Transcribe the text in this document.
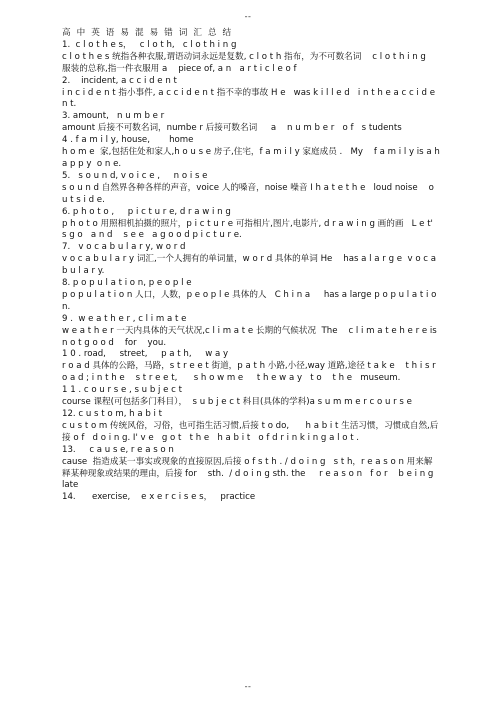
--

高中英语易混易错词汇总结

1.  c l o t h e s，   c l o t h,   c l o t h i n g

c l o t h e s 统指各种衣服,谓语动词永远是复数, c l o t h 指布，为不可数名词    c l o t h i n g    服装的总称,指一件衣服用 a    piece of, a n   a r t i c l e o f

2.    incident, a c c i d e n t

i n c i d e n t 指小事件, a c c i d e n t 指不幸的事故 H e   was k i l l e d   i n t h e a c c i d e n t.

3. amount,   n u m b e r

amount 后接不可数名词，numbe r 后接可数名词     a    n u m b e r   o f   s tudents

4 . f a m i l y, house,       home

h o m e  家,包括住处和家人,h o u s e 房子,住宅，f a m i l y 家庭成员 .   My    f a m i l y is a h a p p y  o n e.

5.   s o u n d, v o i c e ,     n o i s e

s o u n d 自然界各种各样的声音，voice 人的嗓音，noise 噪音 I h a t e t h e   loud noise    o u t s i d e.

6. p h o t o ,     p i c t u r e, d r a w i n g

p h o t o 用照相机拍摄的照片，p i c t u r e 可指相片,图片,电影片, d r a w i n g 画的画   L e t' s g o   a n d    s e e   a g o o d p i c t u r e.

7.   v o c a b u l a r y, w o r d

v o c a b u l a r y 词汇,一个人拥有的单词量，w o r d 具体的单词 He    has a l a r g e  v o c a b u l a r y.

8. p o p u l a t i o n, p e o p l e

p o p u l a t i o n 人口，人数，p e o p l e 具体的人   C h i n a     has a large p o p u l a t i o n.

9 .  w e a t h e r , c l i m a t e

w e a t h e r 一天内具体的天气状况,c l i m a t e 长期的气候状况  The    c l i m a t e h e r e is   n o t g o o d    for    you.

1 0 . road,     street,     p a t h,     w a y

r o a d 具体的公路，马路，s t r e e t 街道，p a t h 小路,小径,way 道路,途径 t a k e    t h i s r o a d ; i n t h e    s t r e e t,      s h o w m e     t h e w a y   t o    t h e   museum.

1 1 . c o u r s e , s u b j e c t

course 课程(可包括多门科目），  s u b j e c t 科目(具体的学科)a s u m m e r c o u r s e

12. c u s t o m, h a b i t

c u s t o m 传统风俗，习俗，也可指生活习惯,后接 t o do,      h a b i t 生活习惯，习惯成自然,后接 o f   d o i n g. I' v e   g o t   t h e   h a b i t   o f d r i n k i n g a l o t .

13.     c a u s e, r e a s o n

cause  指造成某一事实或现象的直接原因,后接 o f s t h . / d o i n g   s t h，r e a s o n 用来解释某种现象或结果的理由，后接 for    sth.  / d o i n g sth. the     r e a s o n   f o r    b e i n g late

14.      exercise,    e x e r c i s e s，   practice

--
